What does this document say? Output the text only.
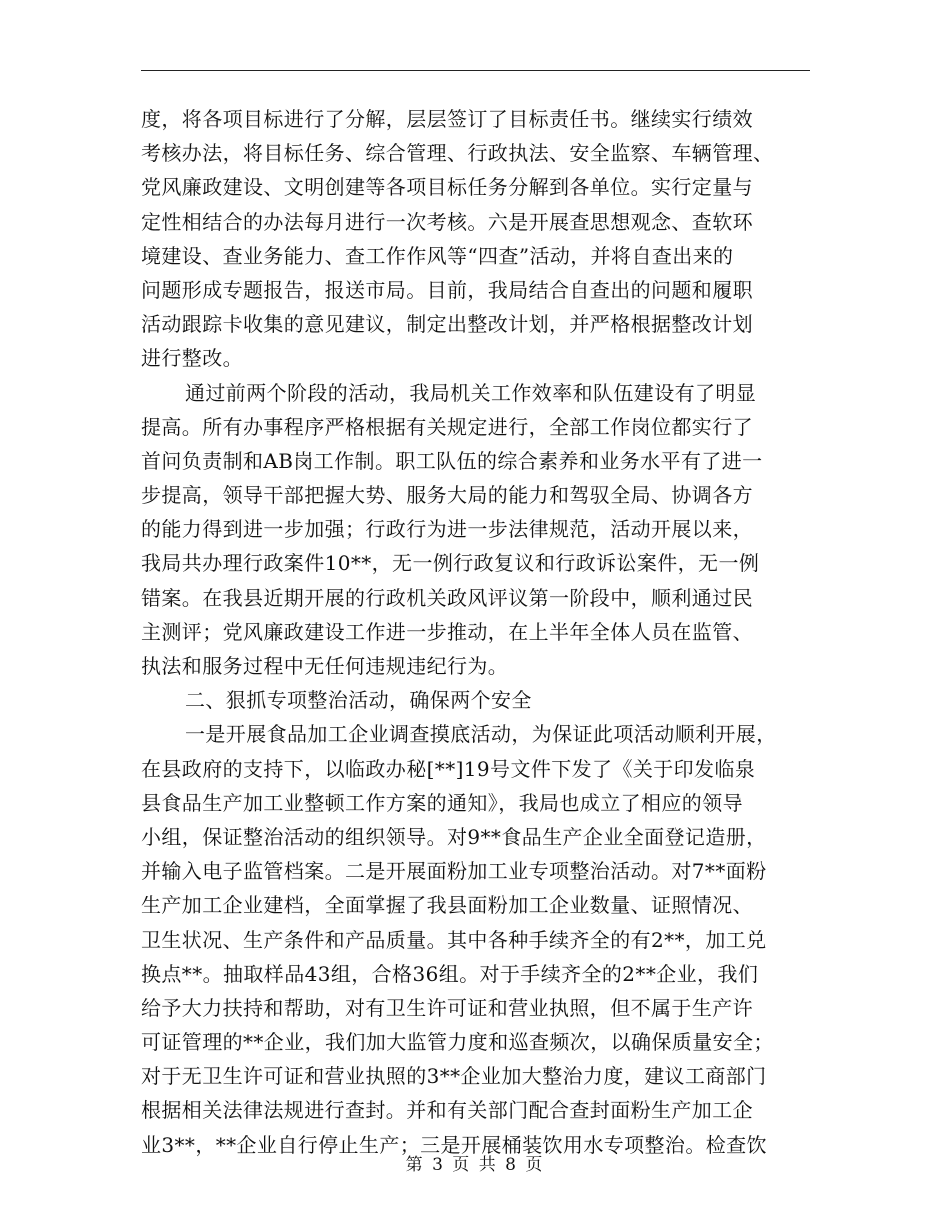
度，将各项目标进行了分解，层层签订了目标责任书。继续实行绩效
考核办法，将目标任务、综合管理、行政执法、安全监察、车辆管理、
党风廉政建设、文明创建等各项目标任务分解到各单位。实行定量与
定性相结合的办法每月进行一次考核。六是开展查思想观念、查软环
境建设、查业务能力、查工作作风等“四查”活动，并将自查出来的
问题形成专题报告，报送市局。目前，我局结合自查出的问题和履职
活动跟踪卡收集的意见建议，制定出整改计划，并严格根据整改计划
进行整改。
通过前两个阶段的活动，我局机关工作效率和队伍建设有了明显
提高。所有办事程序严格根据有关规定进行，全部工作岗位都实行了
首问负责制和AB岗工作制。职工队伍的综合素养和业务水平有了进一
步提高，领导干部把握大势、服务大局的能力和驾驭全局、协调各方
的能力得到进一步加强；行政行为进一步法律规范，活动开展以来，
我局共办理行政案件10**，无一例行政复议和行政诉讼案件，无一例
错案。在我县近期开展的行政机关政风评议第一阶段中，顺利通过民
主测评；党风廉政建设工作进一步推动，在上半年全体人员在监管、
执法和服务过程中无任何违规违纪行为。
二、狠抓专项整治活动，确保两个安全
一是开展食品加工企业调查摸底活动，为保证此项活动顺利开展，
在县政府的支持下，以临政办秘[**]19号文件下发了《关于印发临泉
县食品生产加工业整顿工作方案的通知》，我局也成立了相应的领导
小组，保证整治活动的组织领导。对9**食品生产企业全面登记造册，
并输入电子监管档案。二是开展面粉加工业专项整治活动。对7**面粉
生产加工企业建档，全面掌握了我县面粉加工企业数量、证照情况、
卫生状况、生产条件和产品质量。其中各种手续齐全的有2**，加工兑
换点**。抽取样品43组，合格36组。对于手续齐全的2**企业，我们
给予大力扶持和帮助，对有卫生许可证和营业执照，但不属于生产许
可证管理的**企业，我们加大监管力度和巡查频次，以确保质量安全；
对于无卫生许可证和营业执照的3**企业加大整治力度，建议工商部门
根据相关法律法规进行查封。并和有关部门配合查封面粉生产加工企
业3**，**企业自行停止生产；三是开展桶装饮用水专项整治。检查饮
第 3 页 共 8 页
